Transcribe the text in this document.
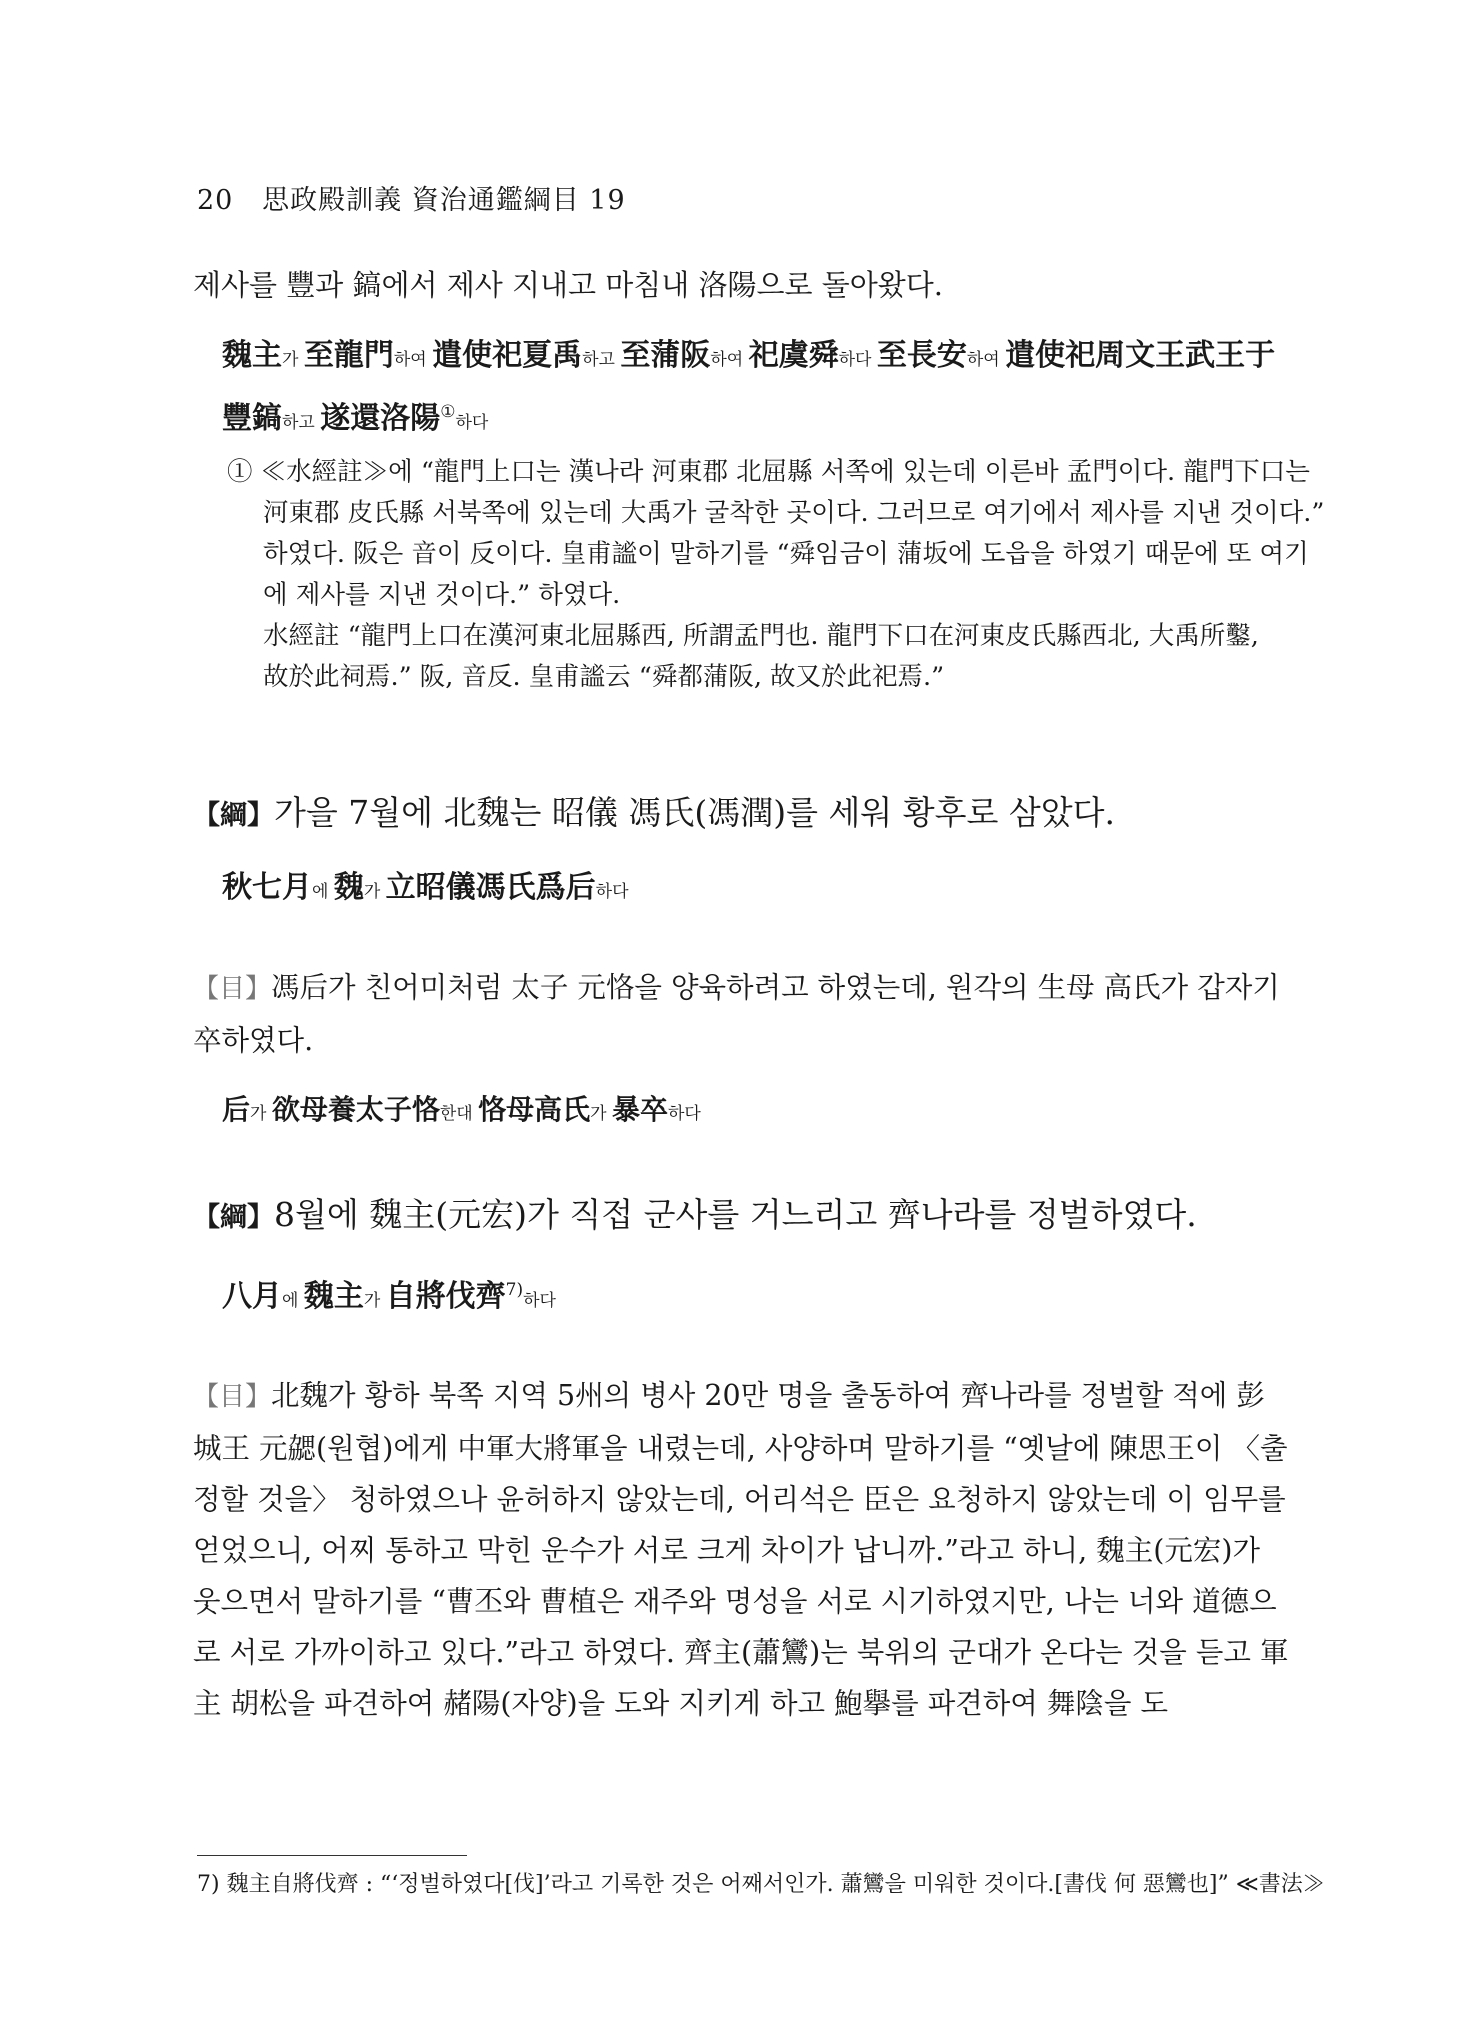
20 思政殿訓義 資治通鑑綱目 19

제사를 豐과 鎬에서 제사 지내고 마침내 洛陽으로 돌아왔다.

魏主가 至龍門하여 遣使祀夏禹하고 至蒲阪하여 祀虞舜하다 至長安하여 遣使祀周文王武王于豐鎬하고 遂還洛陽①하다

① ≪水經註≫에 “龍門上口는 漢나라 河東郡 北屈縣 서쪽에 있는데 이른바 孟門이다. 龍門下口는 河東郡 皮氏縣 서북쪽에 있는데 大禹가 굴착한 곳이다. 그러므로 여기에서 제사를 지낸 것이다.” 하였다. 阪은 音이 反이다. 皇甫謐이 말하기를 “舜임금이 蒲坂에 도읍을 하였기 때문에 또 여기에 제사를 지낸 것이다.” 하였다.

水經註 “龍門上口在漢河東北屈縣西, 所謂孟門也. 龍門下口在河東皮氏縣西北, 大禹所鑿, 故於此祠焉.” 阪, 音反. 皇甫謐云 “舜都蒲阪, 故又於此祀焉.”

【綱】가을 7월에 北魏는 昭儀 馮氏(馮潤)를 세워 황후로 삼았다.

秋七月에 魏가 立昭儀馮氏爲后하다

【目】馮后가 친어미처럼 太子 元恪을 양육하려고 하였는데, 원각의 生母 高氏가 갑자기 卒하였다.

后가 欲母養太子恪한대 恪母高氏가 暴卒하다

【綱】8월에 魏主(元宏)가 직접 군사를 거느리고 齊나라를 정벌하였다.

八月에 魏主가 自將伐齊$^{7)}$하다

【目】北魏가 황하 북쪽 지역 5州의 병사 20만 명을 출동하여 齊나라를 정벌할 적에 彭城王 元勰(원협)에게 中軍大將軍을 내렸는데, 사양하며 말하기를 “옛날에 陳思王이 〈출정할 것을〉 청하였으나 윤허하지 않았는데, 어리석은 臣은 요청하지 않았는데 이 임무를 얻었으니, 어찌 통하고 막힌 운수가 서로 크게 차이가 납니까.”라고 하니, 魏主(元宏)가 웃으면서 말하기를 “曹丕와 曹植은 재주와 명성을 서로 시기하였지만, 나는 너와 道德으로 서로 가까이하고 있다.”라고 하였다. 齊主(蕭鸞)는 북위의 군대가 온다는 것을 듣고 軍主 胡松을 파견하여 赭陽(자양)을 도와 지키게 하고 鮑擧를 파견하여 舞陰을 도

7) 魏主自將伐齊 : “‘정벌하였다[伐]’라고 기록한 것은 어째서인가. 蕭鸞을 미워한 것이다.[書伐 何 惡鸞也]” ≪書法≫
